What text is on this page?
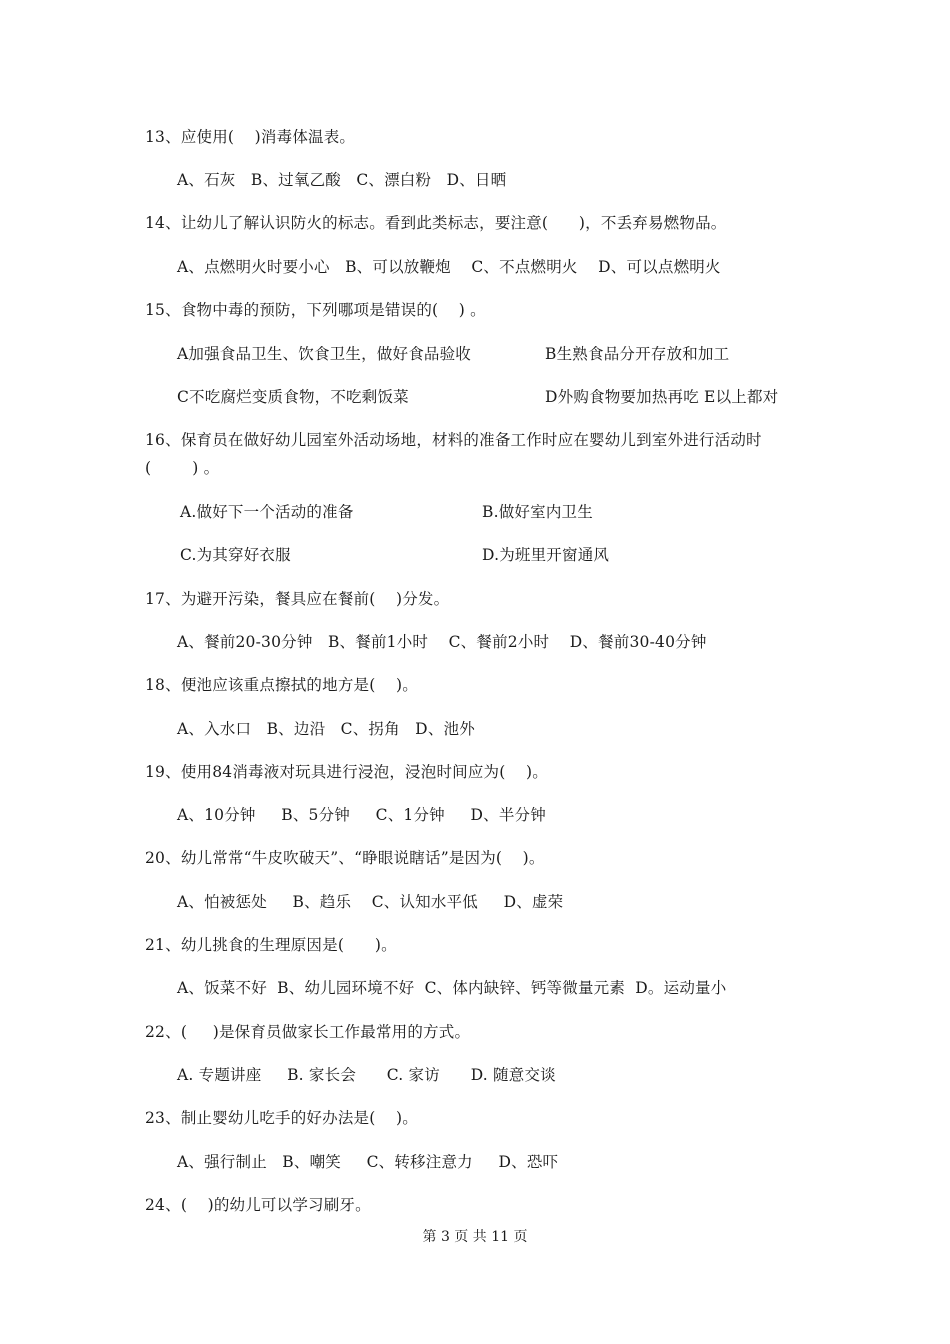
13、应使用(    )消毒体温表。
A、石灰   B、过氧乙酸   C、漂白粉   D、日晒
14、让幼儿了解认识防火的标志。看到此类标志，要注意(      )，不丢弃易燃物品。
A、点燃明火时要小心   B、可以放鞭炮    C、不点燃明火    D、可以点燃明火
15、食物中毒的预防，下列哪项是错误的(    ) 。
A加强食品卫生、饮食卫生，做好食品验收	B生熟食品分开存放和加工
C不吃腐烂变质食物，不吃剩饭菜	D外购食物要加热再吃 E以上都对
16、保育员在做好幼儿园室外活动场地，材料的准备工作时应在婴幼儿到室外进行活动时
(        ) 。
A.做好下一个活动的准备	B.做好室内卫生
C.为其穿好衣服	D.为班里开窗通风
17、为避开污染，餐具应在餐前(    )分发。
A、餐前20-30分钟   B、餐前1小时    C、餐前2小时    D、餐前30-40分钟
18、便池应该重点擦拭的地方是(    )。
A、入水口   B、边沿   C、拐角   D、池外
19、使用84消毒液对玩具进行浸泡，浸泡时间应为(    )。
A、10分钟     B、5分钟     C、1分钟     D、半分钟
20、幼儿常常“牛皮吹破天”、“睁眼说瞎话”是因为(    )。
A、怕被惩处     B、趋乐    C、认知水平低     D、虚荣
21、幼儿挑食的生理原因是(      )。
A、饭菜不好  B、幼儿园环境不好  C、体内缺锌、钙等微量元素  D。运动量小
22、(     )是保育员做家长工作最常用的方式。
A. 专题讲座     B. 家长会      C. 家访      D. 随意交谈
23、制止婴幼儿吃手的好办法是(    )。
A、强行制止   B、嘲笑     C、转移注意力     D、恐吓
24、(    )的幼儿可以学习刷牙。
第 3 页 共 11 页
